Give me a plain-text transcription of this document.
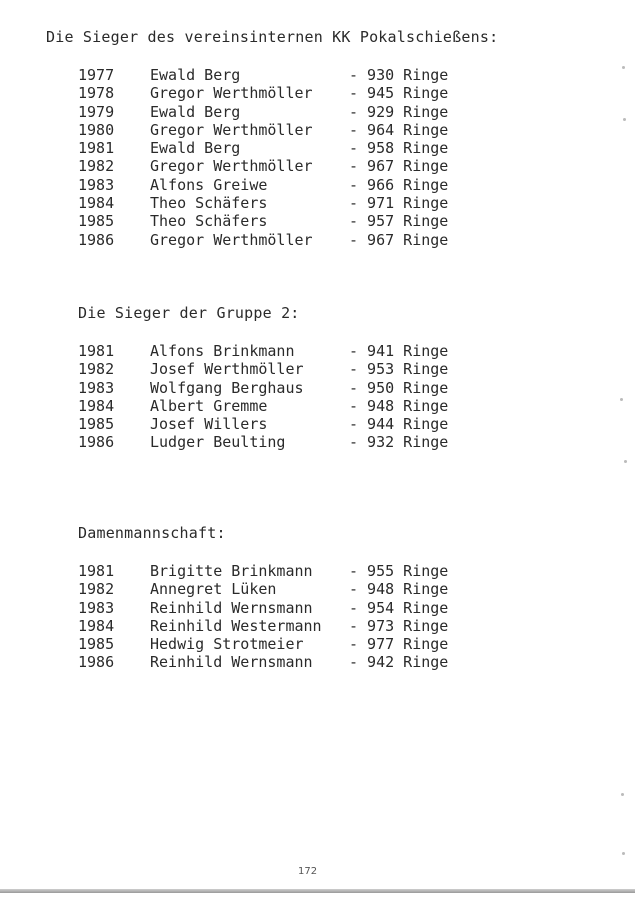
Die Sieger des vereinsinternen KK Pokalschießens:
1977 Ewald Berg	- 930 Ringe
1978 Gregor Werthmöller - 945 Ringe
1979 Ewald Berg	- 929 Ringe
1980 Gregor Werthmöller - 964 Ringe
1981 Ewald Berg	- 958 Ringe
1982 Gregor Werthmöller - 967 Ringe
1983 Alfons Greiwe	- 966 Ringe
1984 Theo Schäfers	- 971 Ringe
1985 Theo Schäfers	- 957 Ringe
1986 Gregor Werthmöller - 967 Ringe
Die Sieger der Gruppe 2:
1981 Alfons Brinkmann	- 941 Ringe
1982 Josef Werthmöller	- 953 Ringe
1983 Wolfgang Berghaus	- 950 Ringe
1984 Albert Gremme	- 948 Ringe
1985 Josef Willers	- 944 Ringe
1986 Ludger Beulting	- 932 Ringe
Damenmannschaft:
1981 Brigitte Brinkmann - 955 Ringe
1982 Annegret Lüken	- 948 Ringe
1983 Reinhild Wernsmann - 954 Ringe
1984 Reinhild Westermann - 973 Ringe
1985 Hedwig Strotmeier	- 977 Ringe
1986 Reinhild Wernsmann - 942 Ringe
172
